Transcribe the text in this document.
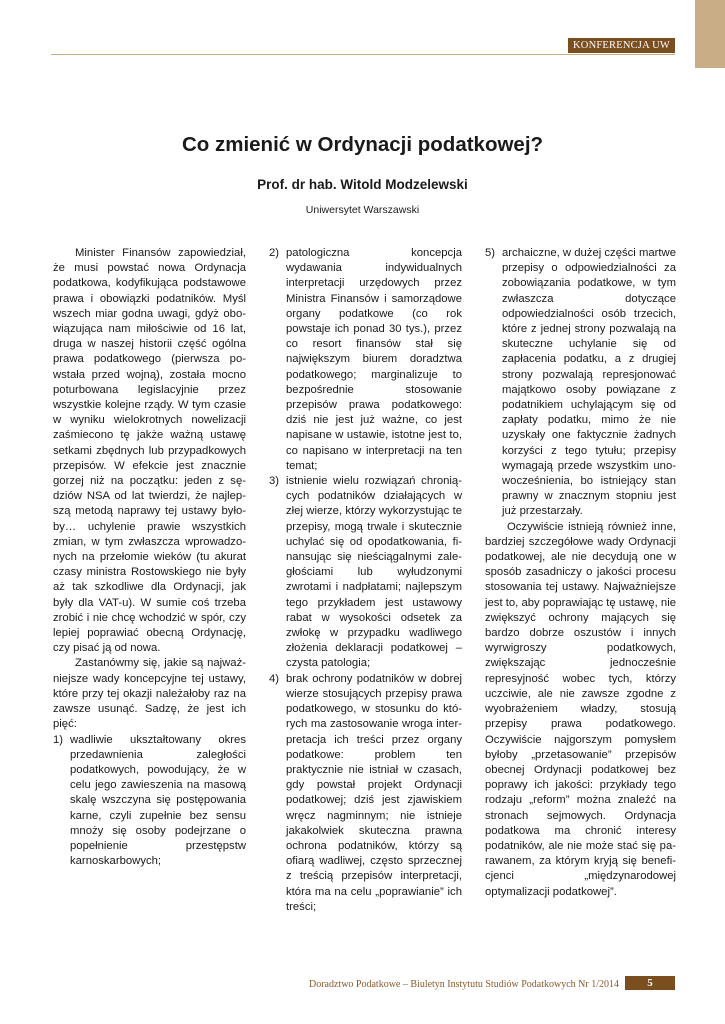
KONFERENCJA UW
Co zmienić w Ordynacji podatkowej?
Prof. dr hab. Witold Modzelewski
Uniwersytet Warszawski

Minister Finansów zapowiedział, że musi powstać nowa Ordynacja podatkowa, kodyfikująca podstawowe prawa i obowiązki podatników. Myśl wszech miar godna uwagi, gdyż obowiązująca nam miłościwie od 16 lat, druga w naszej historii część ogólna prawa podatkowego (pierwsza powstała przed wojną), została mocno poturbowana legislacyjnie przez wszystkie kolejne rządy. W tym czasie w wyniku wielokrotnych nowelizacji zaśmiecono tę jakże ważną ustawę setkami zbędnych lub przypadkowych przepisów. W efekcie jest znacznie gorzej niż na początku: jeden z sędziów NSA od lat twierdzi, że najlepszą metodą naprawy tej ustawy byłoby… uchylenie prawie wszystkich zmian, w tym zwłaszcza wprowadzonych na przełomie wieków (tu akurat czasy ministra Rostowskiego nie były aż tak szkodliwe dla Ordynacji, jak były dla VAT-u). W sumie coś trzeba zrobić i nie chcę wchodzić w spór, czy lepiej poprawiać obecną Ordynację, czy pisać ją od nowa.

Zastanówmy się, jakie są najważniejsze wady koncepcyjne tej ustawy, które przy tej okazji należałoby raz na zawsze usunąć. Sadzę, że jest ich pięć:

1) wadliwie ukształtowany okres przedawnienia zaległości podatkowych, powodujący, że w celu jego zawieszenia na masową skalę wszczyna się postępowania karne, czyli zupełnie bez sensu mnoży się osoby podejrzane o popełnienie przestępstw karnoskarbowych;
2) patologiczna koncepcja wydawania indywidualnych interpretacji urzędowych przez Ministra Finansów i samorządowe organy podatkowe (co rok powstaje ich ponad 30 tys.), przez co resort finansów stał się największym biurem doradztwa podatkowego; marginalizuje to bezpośrednie stosowanie przepisów prawa podatkowego: dziś nie jest już ważne, co jest napisane w ustawie, istotne jest to, co napisano w interpretacji na ten temat;
3) istnienie wielu rozwiązań chroniących podatników działających w złej wierze, którzy wykorzystując te przepisy, mogą trwale i skutecznie uchylać się od opodatkowania, finansując się nieściągalnymi zaległościami lub wyłudzonymi zwrotami i nadpłatami; najlepszym tego przykładem jest ustawowy rabat w wysokości odsetek za zwłokę w przypadku wadliwego złożenia deklaracji podatkowej – czysta patologia;
4) brak ochrony podatników w dobrej wierze stosujących przepisy prawa podatkowego, w stosunku do których ma zastosowanie wroga interpretacja ich treści przez organy podatkowe: problem ten praktycznie nie istniał w czasach, gdy powstał projekt Ordynacji podatkowej; dziś jest zjawiskiem wręcz nagminnym; nie istnieje jakakolwiek skuteczna prawna ochrona podatników, którzy są ofiarą wadliwej, często sprzecznej z treścią przepisów interpretacji, która ma na celu „poprawianie” ich treści;
5) archaiczne, w dużej części martwe przepisy o odpowiedzialności za zobowiązania podatkowe, w tym zwłaszcza dotyczące odpowiedzialności osób trzecich, które z jednej strony pozwalają na skuteczne uchylanie się od zapłacenia podatku, a z drugiej strony pozwalają represjonować majątkowo osoby powiązane z podatnikiem uchylającym się od zapłaty podatku, mimo że nie uzyskały one faktycznie żadnych korzyści z tego tytułu; przepisy wymagają przede wszystkim unowocześnienia, bo istniejący stan prawny w znacznym stopniu jest już przestarzały.

Oczywiście istnieją również inne, bardziej szczegółowe wady Ordynacji podatkowej, ale nie decydują one w sposób zasadniczy o jakości procesu stosowania tej ustawy. Najważniejsze jest to, aby poprawiając tę ustawę, nie zwiększyć ochrony mających się bardzo dobrze oszustów i innych wyrwigroszy podatkowych, zwiększając jednocześnie represyjność wobec tych, którzy uczciwie, ale nie zawsze zgodne z wyobrażeniem władzy, stosują przepisy prawa podatkowego. Oczywiście najgorszym pomysłem byłoby „przetasowanie” przepisów obecnej Ordynacji podatkowej bez poprawy ich jakości: przykłady tego rodzaju „reform” można znaleźć na stronach sejmowych. Ordynacja podatkowa ma chronić interesy podatników, ale nie może stać się parawanem, za którym kryją się beneficjenci „międzynarodowej optymalizacji podatkowej”.

Doradztwo Podatkowe – Biuletyn Instytutu Studiów Podatkowych Nr 1/2014	5
